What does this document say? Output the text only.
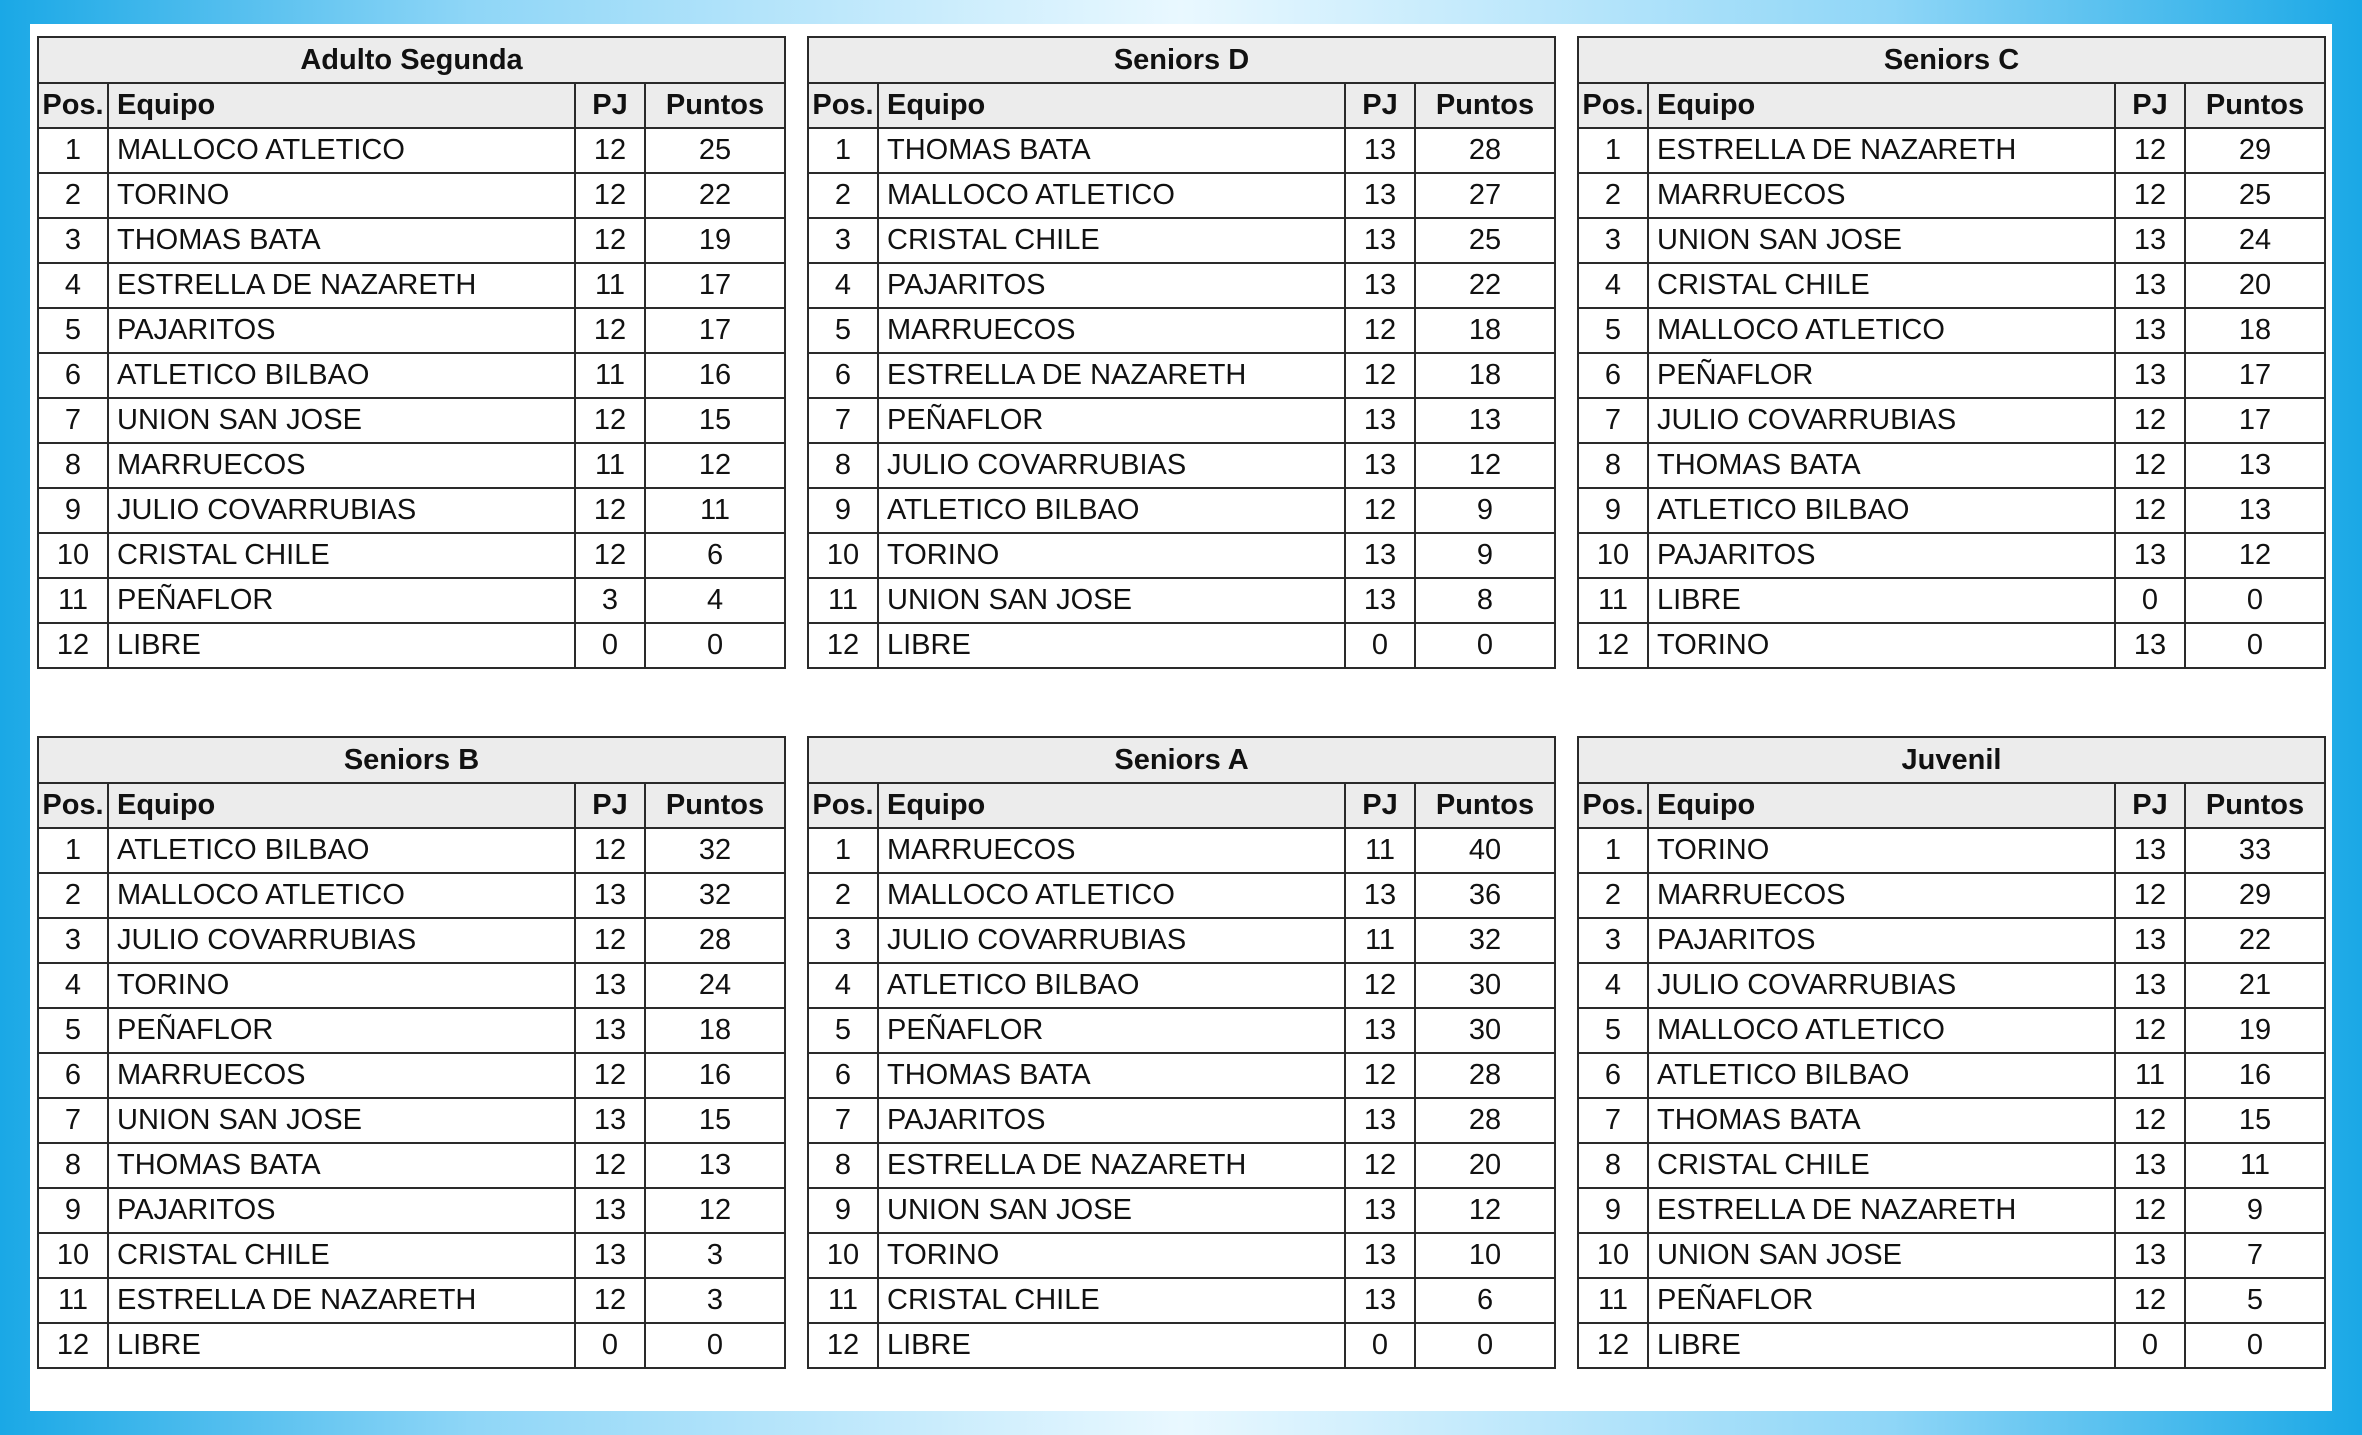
Adulto Segunda			
Pos.	Equipo	PJ	Puntos
1	MALLOCO ATLETICO	12	25
2	TORINO	12	22
3	THOMAS BATA	12	19
4	ESTRELLA DE NAZARETH	11	17
5	PAJARITOS	12	17
6	ATLETICO BILBAO	11	16
7	UNION SAN JOSE	12	15
8	MARRUECOS	11	12
9	JULIO COVARRUBIAS	12	11
10	CRISTAL CHILE	12	6
11	PEÑAFLOR	3	4
12	LIBRE	0	0
Seniors D			
Pos.	Equipo	PJ	Puntos
1	THOMAS BATA	13	28
2	MALLOCO ATLETICO	13	27
3	CRISTAL CHILE	13	25
4	PAJARITOS	13	22
5	MARRUECOS	12	18
6	ESTRELLA DE NAZARETH	12	18
7	PEÑAFLOR	13	13
8	JULIO COVARRUBIAS	13	12
9	ATLETICO BILBAO	12	9
10	TORINO	13	9
11	UNION SAN JOSE	13	8
12	LIBRE	0	0
Seniors C			
Pos.	Equipo	PJ	Puntos
1	ESTRELLA DE NAZARETH	12	29
2	MARRUECOS	12	25
3	UNION SAN JOSE	13	24
4	CRISTAL CHILE	13	20
5	MALLOCO ATLETICO	13	18
6	PEÑAFLOR	13	17
7	JULIO COVARRUBIAS	12	17
8	THOMAS BATA	12	13
9	ATLETICO BILBAO	12	13
10	PAJARITOS	13	12
11	LIBRE	0	0
12	TORINO	13	0
Seniors B			
Pos.	Equipo	PJ	Puntos
1	ATLETICO BILBAO	12	32
2	MALLOCO ATLETICO	13	32
3	JULIO COVARRUBIAS	12	28
4	TORINO	13	24
5	PEÑAFLOR	13	18
6	MARRUECOS	12	16
7	UNION SAN JOSE	13	15
8	THOMAS BATA	12	13
9	PAJARITOS	13	12
10	CRISTAL CHILE	13	3
11	ESTRELLA DE NAZARETH	12	3
12	LIBRE	0	0
Seniors A			
Pos.	Equipo	PJ	Puntos
1	MARRUECOS	11	40
2	MALLOCO ATLETICO	13	36
3	JULIO COVARRUBIAS	11	32
4	ATLETICO BILBAO	12	30
5	PEÑAFLOR	13	30
6	THOMAS BATA	12	28
7	PAJARITOS	13	28
8	ESTRELLA DE NAZARETH	12	20
9	UNION SAN JOSE	13	12
10	TORINO	13	10
11	CRISTAL CHILE	13	6
12	LIBRE	0	0
Juvenil			
Pos.	Equipo	PJ	Puntos
1	TORINO	13	33
2	MARRUECOS	12	29
3	PAJARITOS	13	22
4	JULIO COVARRUBIAS	13	21
5	MALLOCO ATLETICO	12	19
6	ATLETICO BILBAO	11	16
7	THOMAS BATA	12	15
8	CRISTAL CHILE	13	11
9	ESTRELLA DE NAZARETH	12	9
10	UNION SAN JOSE	13	7
11	PEÑAFLOR	12	5
12	LIBRE	0	0
